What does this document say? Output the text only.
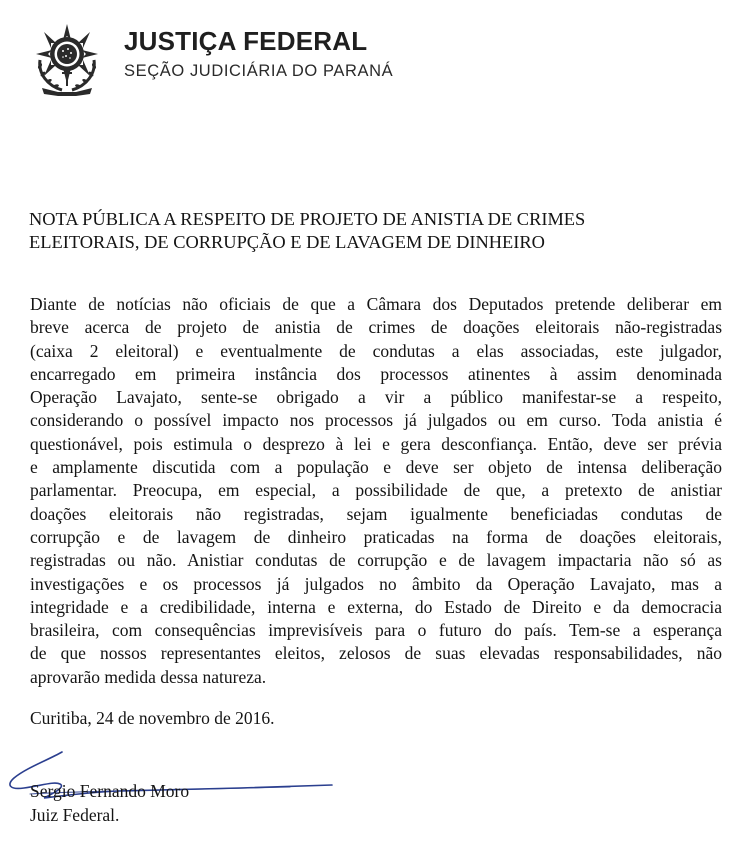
JUSTIÇA FEDERAL
SEÇÃO JUDICIÁRIA DO PARANÁ
NOTA PÚBLICA A RESPEITO DE PROJETO DE ANISTIA DE CRIMES
ELEITORAIS, DE CORRUPÇÃO E DE LAVAGEM DE DINHEIRO
Diante de notícias não oficiais de que a Câmara dos Deputados pretende deliberar em
breve acerca de projeto de anistia de crimes de doações eleitorais não-registradas
(caixa 2 eleitoral) e eventualmente de condutas a elas associadas, este julgador,
encarregado em primeira instância dos processos atinentes à assim denominada
Operação Lavajato, sente-se obrigado a vir a público manifestar-se a respeito,
considerando o possível impacto nos processos já julgados ou em curso. Toda anistia é
questionável, pois estimula o desprezo à lei e gera desconfiança. Então, deve ser prévia
e amplamente discutida com a população e deve ser objeto de intensa deliberação
parlamentar. Preocupa, em especial, a possibilidade de que, a pretexto de anistiar
doações eleitorais não registradas, sejam igualmente beneficiadas condutas de
corrupção e de lavagem de dinheiro praticadas na forma de doações eleitorais,
registradas ou não. Anistiar condutas de corrupção e de lavagem impactaria não só as
investigações e os processos já julgados no âmbito da Operação Lavajato, mas a
integridade e a credibilidade, interna e externa, do Estado de Direito e da democracia
brasileira, com consequências imprevisíveis para o futuro do país. Tem-se a esperança
de que nossos representantes eleitos, zelosos de suas elevadas responsabilidades, não
aprovarão medida dessa natureza.
Curitiba, 24 de novembro de 2016.
Sergio Fernando Moro
Juiz Federal.
